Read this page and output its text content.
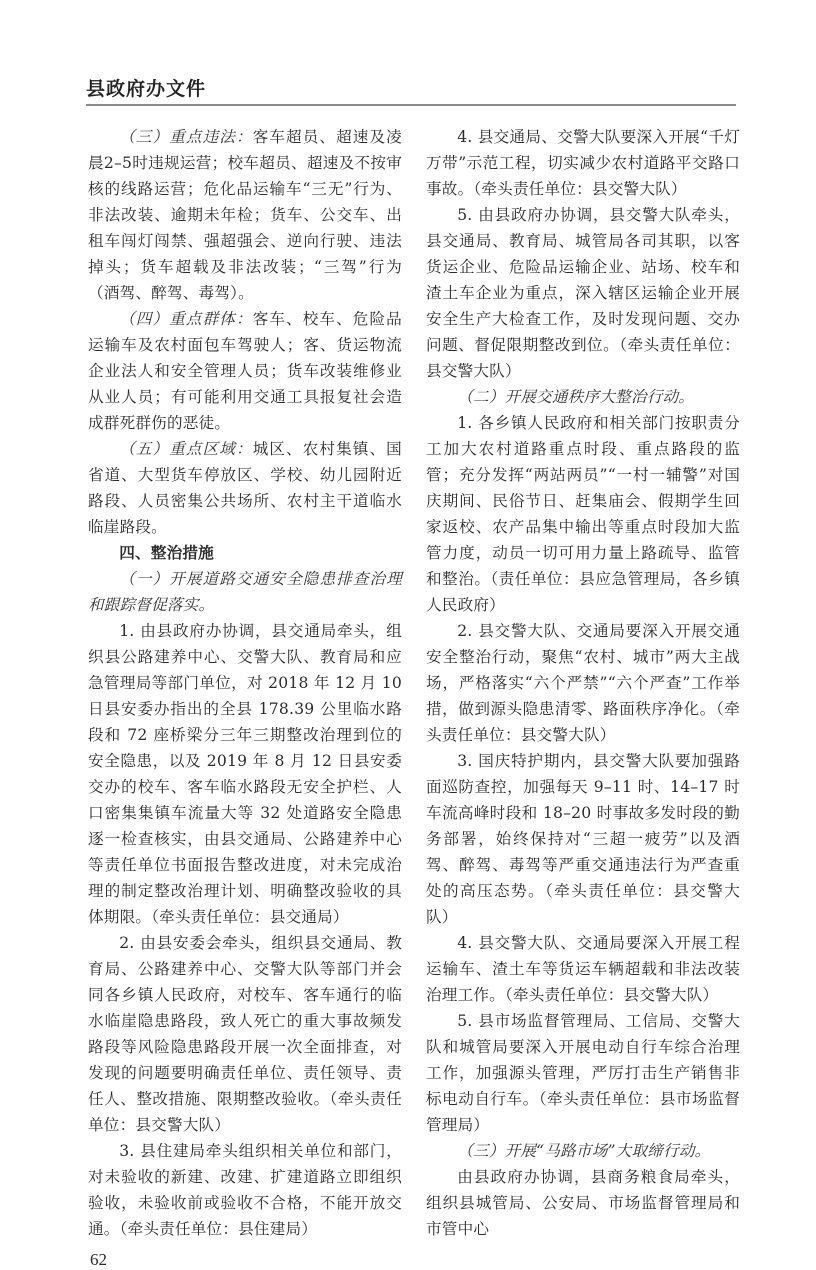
县政府办文件

（三）重点违法：客车超员、超速及凌晨2–5时违规运营；校车超员、超速及不按审核的线路运营；危化品运输车“三无”行为、非法改装、逾期未年检；货车、公交车、出租车闯灯闯禁、强超强会、逆向行驶、违法掉头；货车超载及非法改装；“三驾”行为（酒驾、醉驾、毒驾）。

（四）重点群体：客车、校车、危险品运输车及农村面包车驾驶人；客、货运物流企业法人和安全管理人员；货车改装维修业从业人员；有可能利用交通工具报复社会造成群死群伤的恶徒。

（五）重点区域：城区、农村集镇、国省道、大型货车停放区、学校、幼儿园附近路段、人员密集公共场所、农村主干道临水临崖路段。

四、整治措施

（一）开展道路交通安全隐患排查治理和跟踪督促落实。

1. 由县政府办协调，县交通局牵头，组织县公路建养中心、交警大队、教育局和应急管理局等部门单位，对 2018 年 12 月 10 日县安委办指出的全县 178.39 公里临水路段和 72 座桥梁分三年三期整改治理到位的安全隐患，以及 2019 年 8 月 12 日县安委交办的校车、客车临水路段无安全护栏、人口密集集镇车流量大等 32 处道路安全隐患逐一检查核实，由县交通局、公路建养中心等责任单位书面报告整改进度，对未完成治理的制定整改治理计划、明确整改验收的具体期限。（牵头责任单位：县交通局）

2. 由县安委会牵头，组织县交通局、教育局、公路建养中心、交警大队等部门并会同各乡镇人民政府，对校车、客车通行的临水临崖隐患路段，致人死亡的重大事故频发路段等风险隐患路段开展一次全面排查，对发现的问题要明确责任单位、责任领导、责任人、整改措施、限期整改验收。（牵头责任单位：县交警大队）

3. 县住建局牵头组织相关单位和部门，对未验收的新建、改建、扩建道路立即组织验收，未验收前或验收不合格，不能开放交通。（牵头责任单位：县住建局）

4. 县交通局、交警大队要深入开展“千灯万带”示范工程，切实减少农村道路平交路口事故。（牵头责任单位：县交警大队）

5. 由县政府办协调，县交警大队牵头，县交通局、教育局、城管局各司其职，以客货运企业、危险品运输企业、站场、校车和渣土车企业为重点，深入辖区运输企业开展安全生产大检查工作，及时发现问题、交办问题、督促限期整改到位。（牵头责任单位：县交警大队）

（二）开展交通秩序大整治行动。

1. 各乡镇人民政府和相关部门按职责分工加大农村道路重点时段、重点路段的监管；充分发挥“两站两员”“一村一辅警”对国庆期间、民俗节日、赶集庙会、假期学生回家返校、农产品集中输出等重点时段加大监管力度，动员一切可用力量上路疏导、监管和整治。（责任单位：县应急管理局，各乡镇人民政府）

2. 县交警大队、交通局要深入开展交通安全整治行动，聚焦“农村、城市”两大主战场，严格落实“六个严禁”“六个严查”工作举措，做到源头隐患清零、路面秩序净化。（牵头责任单位：县交警大队）

3. 国庆特护期内，县交警大队要加强路面巡防查控，加强每天 9–11 时、14–17 时车流高峰时段和 18–20 时事故多发时段的勤务部署，始终保持对“三超一疲劳”以及酒驾、醉驾、毒驾等严重交通违法行为严查重处的高压态势。（牵头责任单位：县交警大队）

4. 县交警大队、交通局要深入开展工程运输车、渣土车等货运车辆超载和非法改装治理工作。（牵头责任单位：县交警大队）

5. 县市场监督管理局、工信局、交警大队和城管局要深入开展电动自行车综合治理工作，加强源头管理，严厉打击生产销售非标电动自行车。（牵头责任单位：县市场监督管理局）

（三）开展“马路市场”大取缔行动。

由县政府办协调，县商务粮食局牵头，组织县城管局、公安局、市场监督管理局和市管中心

62
